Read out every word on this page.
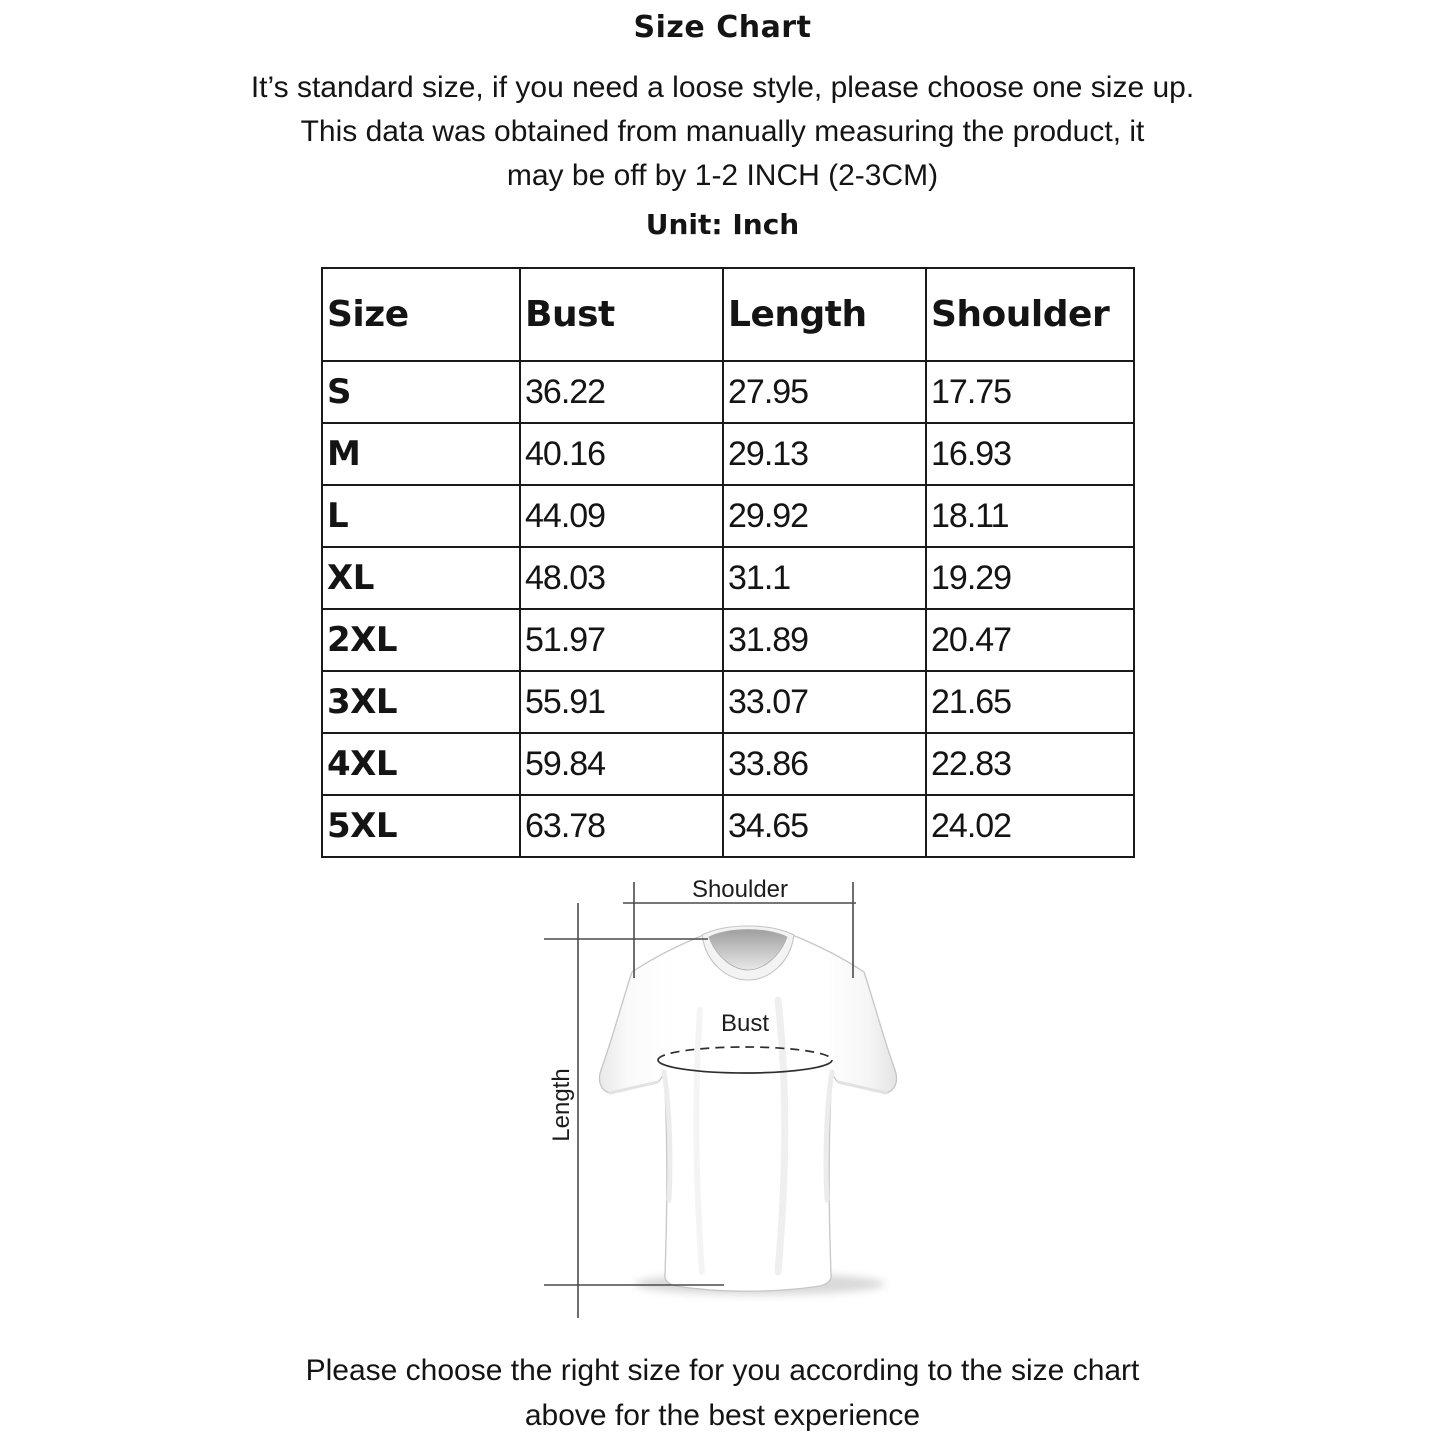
Size Chart
It’s standard size, if you need a loose style, please choose one size up.
This data was obtained from manually measuring the product, it
may be off by 1-2 INCH (2-3CM)
Unit: Inch
Size	Bust	Length	Shoulder
S	36.22	27.95	17.75
M	40.16	29.13	16.93
L	44.09	29.92	18.11
XL	48.03	31.1	19.29
2XL	51.97	31.89	20.47
3XL	55.91	33.07	21.65
4XL	59.84	33.86	22.83
5XL	63.78	34.65	24.02
Shoulder
Bust
Length
Please choose the right size for you according to the size chart
above for the best experience
